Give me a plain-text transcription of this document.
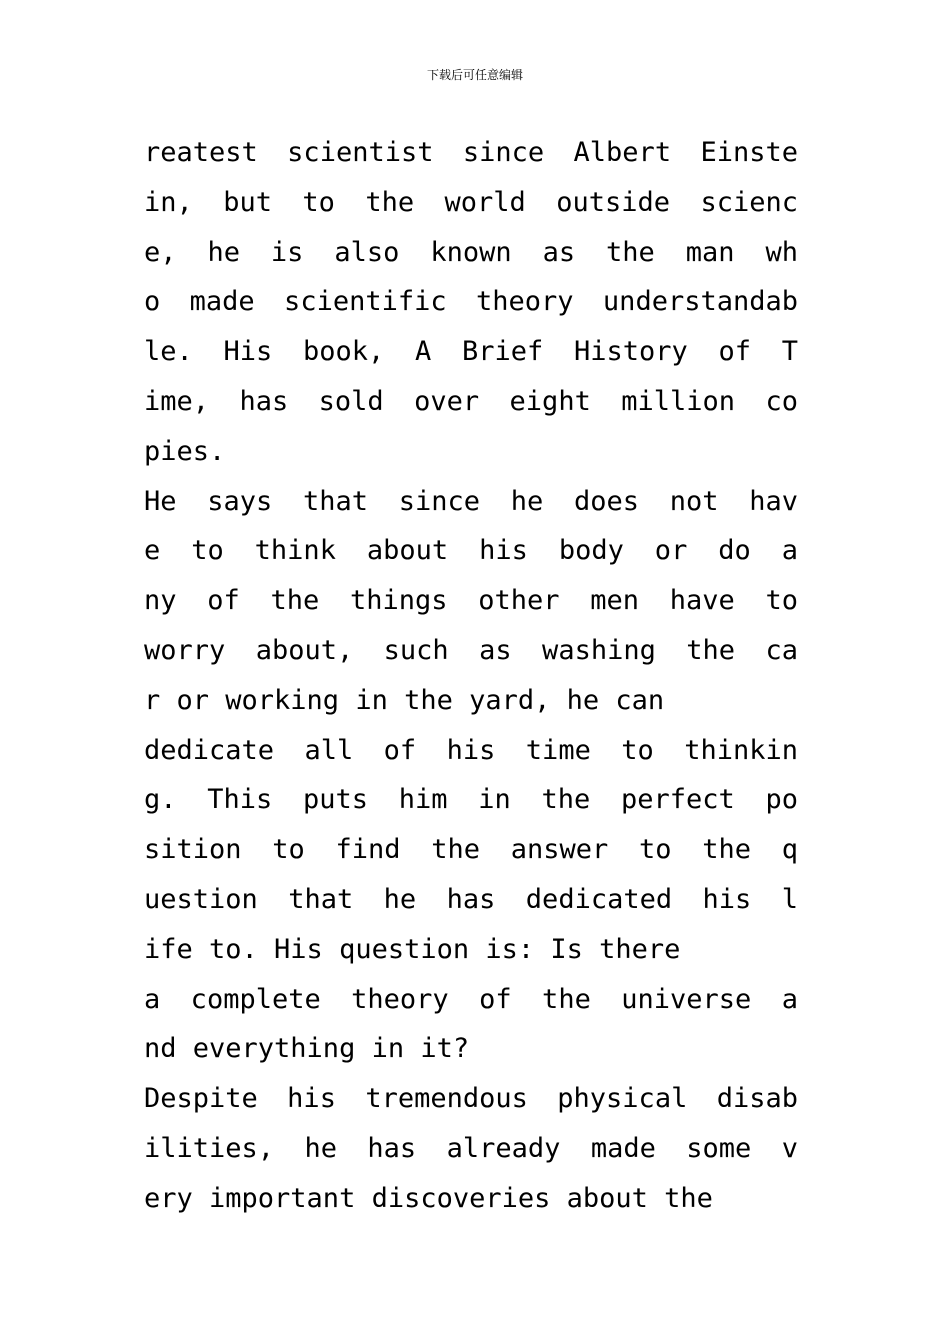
下载后可任意编辑
reatest scientist since Albert Einste
in, but to the world outside scienc
e, he is also known as the man wh
o made scientific theory understandab
le. His book, A Brief History of T
ime, has sold over eight million co
pies.
He says that since he does not hav
e to think about his body or do a
ny of the things other men have to
worry about, such as washing the ca
r or working in the yard, he can
dedicate all of his time to thinkin
g. This puts him in the perfect po
sition to find the answer to the q
uestion that he has dedicated his l
ife to. His question is: Is there
a complete theory of the universe a
nd everything in it?
Despite his tremendous physical disab
ilities, he has already made some v
ery important discoveries about the
